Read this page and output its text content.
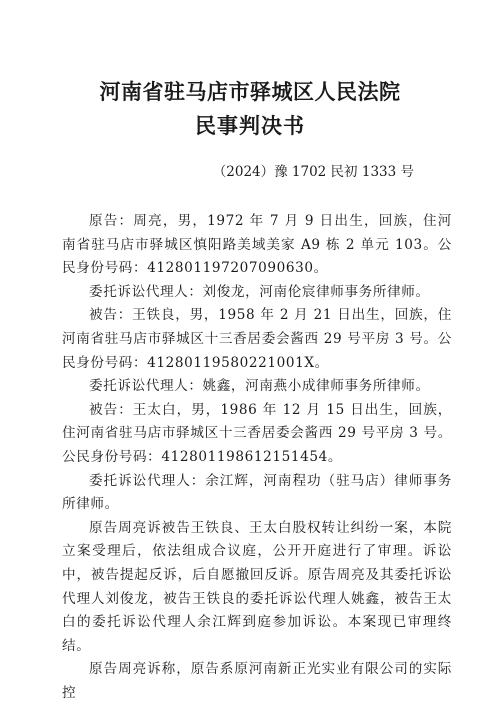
河南省驻马店市驿城区人民法院
民事判决书

（2024）豫 1702 民初 1333 号

原告：周亮，男，1972 年 7 月 9 日出生，回族，住河南省驻马店市驿城区慎阳路美域美家 A9 栋 2 单元 103。公民身份号码：412801197207090630。

委托诉讼代理人：刘俊龙，河南伦宸律师事务所律师。

被告：王铁良，男，1958 年 2 月 21 日出生，回族，住河南省驻马店市驿城区十三香居委会酱西 29 号平房 3 号。公民身份号码：41280119580221001X。

委托诉讼代理人：姚鑫，河南燕小成律师事务所律师。

被告：王太白，男，1986 年 12 月 15 日出生，回族，住河南省驻马店市驿城区十三香居委会酱西 29 号平房 3 号。公民身份号码：412801198612151454。

委托诉讼代理人：余江辉，河南程功（驻马店）律师事务所律师。

原告周亮诉被告王铁良、王太白股权转让纠纷一案，本院立案受理后，依法组成合议庭，公开开庭进行了审理。诉讼中，被告提起反诉，后自愿撤回反诉。原告周亮及其委托诉讼代理人刘俊龙，被告王铁良的委托诉讼代理人姚鑫，被告王太白的委托诉讼代理人余江辉到庭参加诉讼。本案现已审理终结。

原告周亮诉称，原告系原河南新正光实业有限公司的实际控
